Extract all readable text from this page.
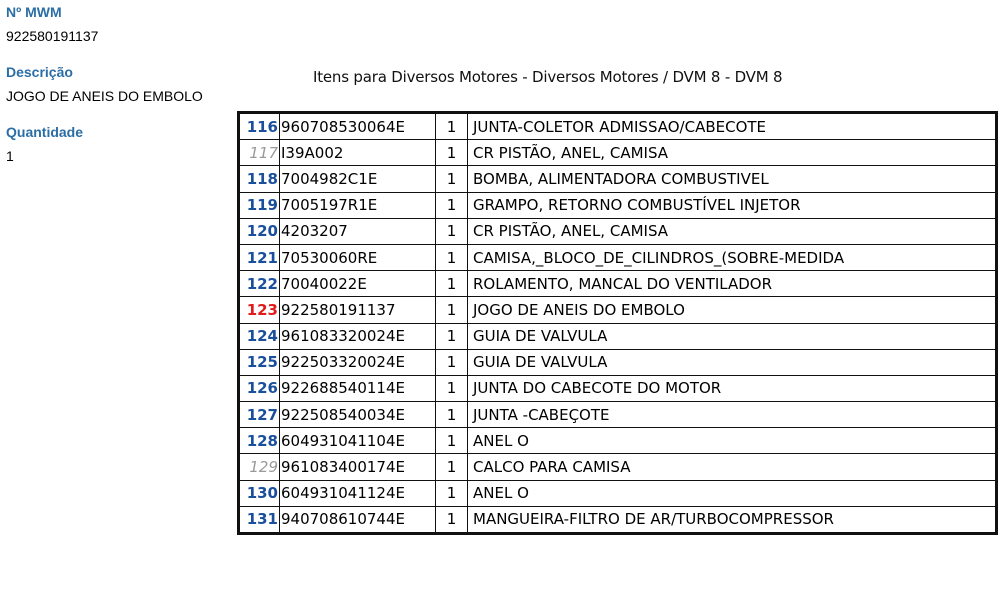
Nº MWM
922580191137
Descrição
JOGO DE ANEIS DO EMBOLO
Quantidade
1
Itens para Diversos Motores - Diversos Motores / DVM 8 - DVM 8
116	960708530064E	1	JUNTA-COLETOR ADMISSAO/CABECOTE
117	I39A002	1	CR PISTÃO, ANEL, CAMISA
118	7004982C1E	1	BOMBA, ALIMENTADORA COMBUSTIVEL
119	7005197R1E	1	GRAMPO, RETORNO COMBUSTÍVEL INJETOR
120	4203207	1	CR PISTÃO, ANEL, CAMISA
121	70530060RE	1	CAMISA,_BLOCO_DE_CILINDROS_(SOBRE-MEDIDA
122	70040022E	1	ROLAMENTO, MANCAL DO VENTILADOR
123	922580191137	1	JOGO DE ANEIS DO EMBOLO
124	961083320024E	1	GUIA DE VALVULA
125	922503320024E	1	GUIA DE VALVULA
126	922688540114E	1	JUNTA DO CABECOTE DO MOTOR
127	922508540034E	1	JUNTA -CABEÇOTE
128	604931041104E	1	ANEL O
129	961083400174E	1	CALCO PARA CAMISA
130	604931041124E	1	ANEL O
131	940708610744E	1	MANGUEIRA-FILTRO DE AR/TURBOCOMPRESSOR
